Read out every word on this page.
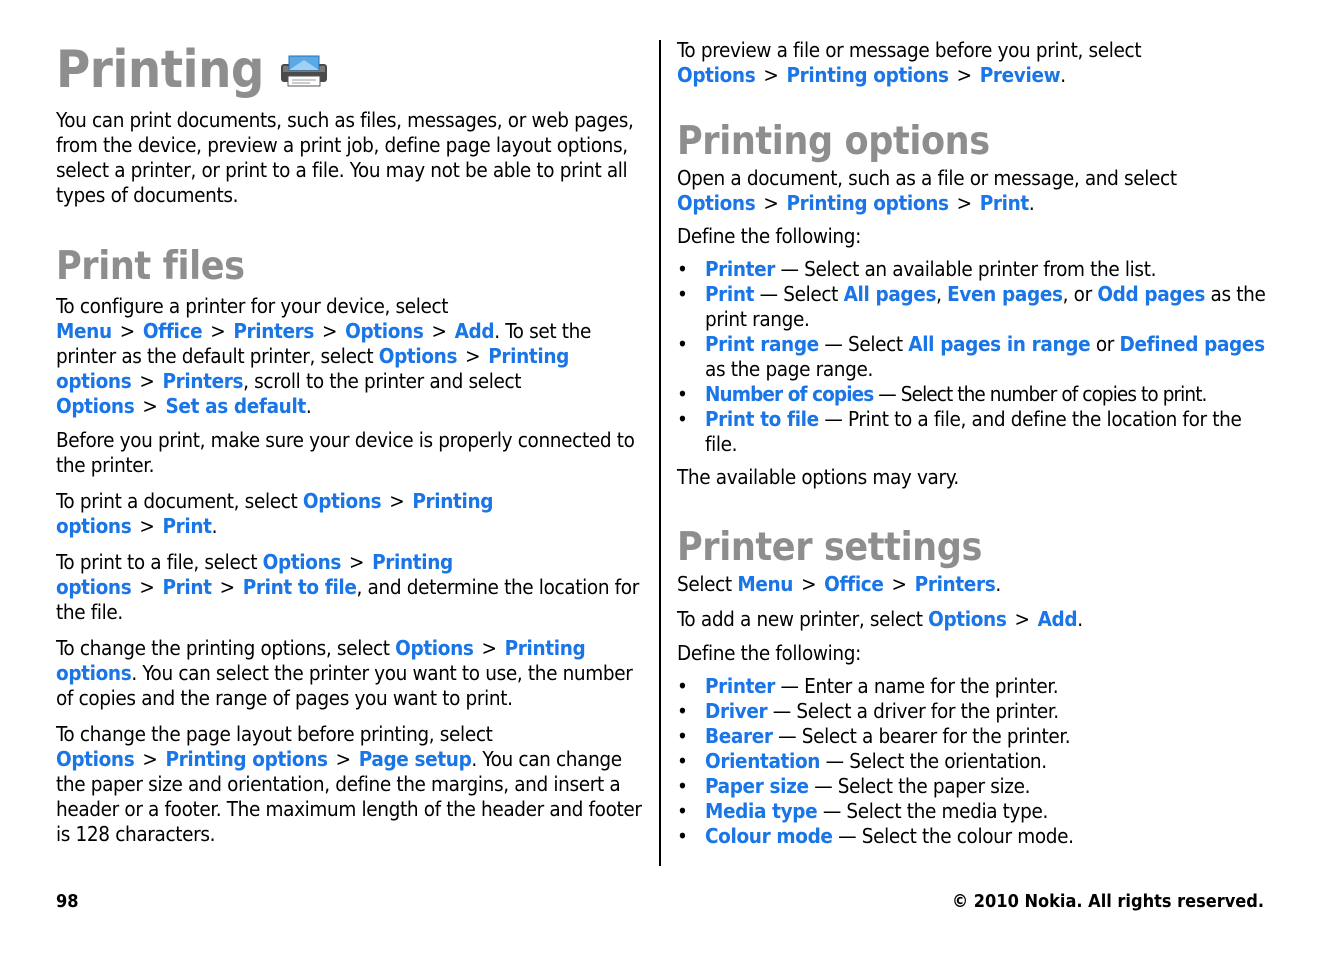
Printing

You can print documents, such as files, messages, or web pages, from the device, preview a print job, define page layout options, select a printer, or print to a file. You may not be able to print all types of documents.

Print files

To configure a printer for your device, select Menu > Office > Printers > Options > Add. To set the printer as the default printer, select Options > Printing options > Printers, scroll to the printer and select Options > Set as default.

Before you print, make sure your device is properly connected to the printer.

To print a document, select Options > Printing options > Print.

To print to a file, select Options > Printing options > Print > Print to file, and determine the location for the file.

To change the printing options, select Options > Printing options. You can select the printer you want to use, the number of copies and the range of pages you want to print.

To change the page layout before printing, select Options > Printing options > Page setup. You can change the paper size and orientation, define the margins, and insert a header or a footer. The maximum length of the header and footer is 128 characters.

To preview a file or message before you print, select Options > Printing options > Preview.

Printing options

Open a document, such as a file or message, and select Options > Printing options > Print.

Define the following:

• Printer — Select an available printer from the list.
• Print — Select All pages, Even pages, or Odd pages as the print range.
• Print range — Select All pages in range or Defined pages as the page range.
• Number of copies — Select the number of copies to print.
• Print to file — Print to a file, and define the location for the file.

The available options may vary.

Printer settings

Select Menu > Office > Printers.

To add a new printer, select Options > Add.

Define the following:

• Printer — Enter a name for the printer.
• Driver — Select a driver for the printer.
• Bearer — Select a bearer for the printer.
• Orientation — Select the orientation.
• Paper size — Select the paper size.
• Media type — Select the media type.
• Colour mode — Select the colour mode.
98	© 2010 Nokia. All rights reserved.
